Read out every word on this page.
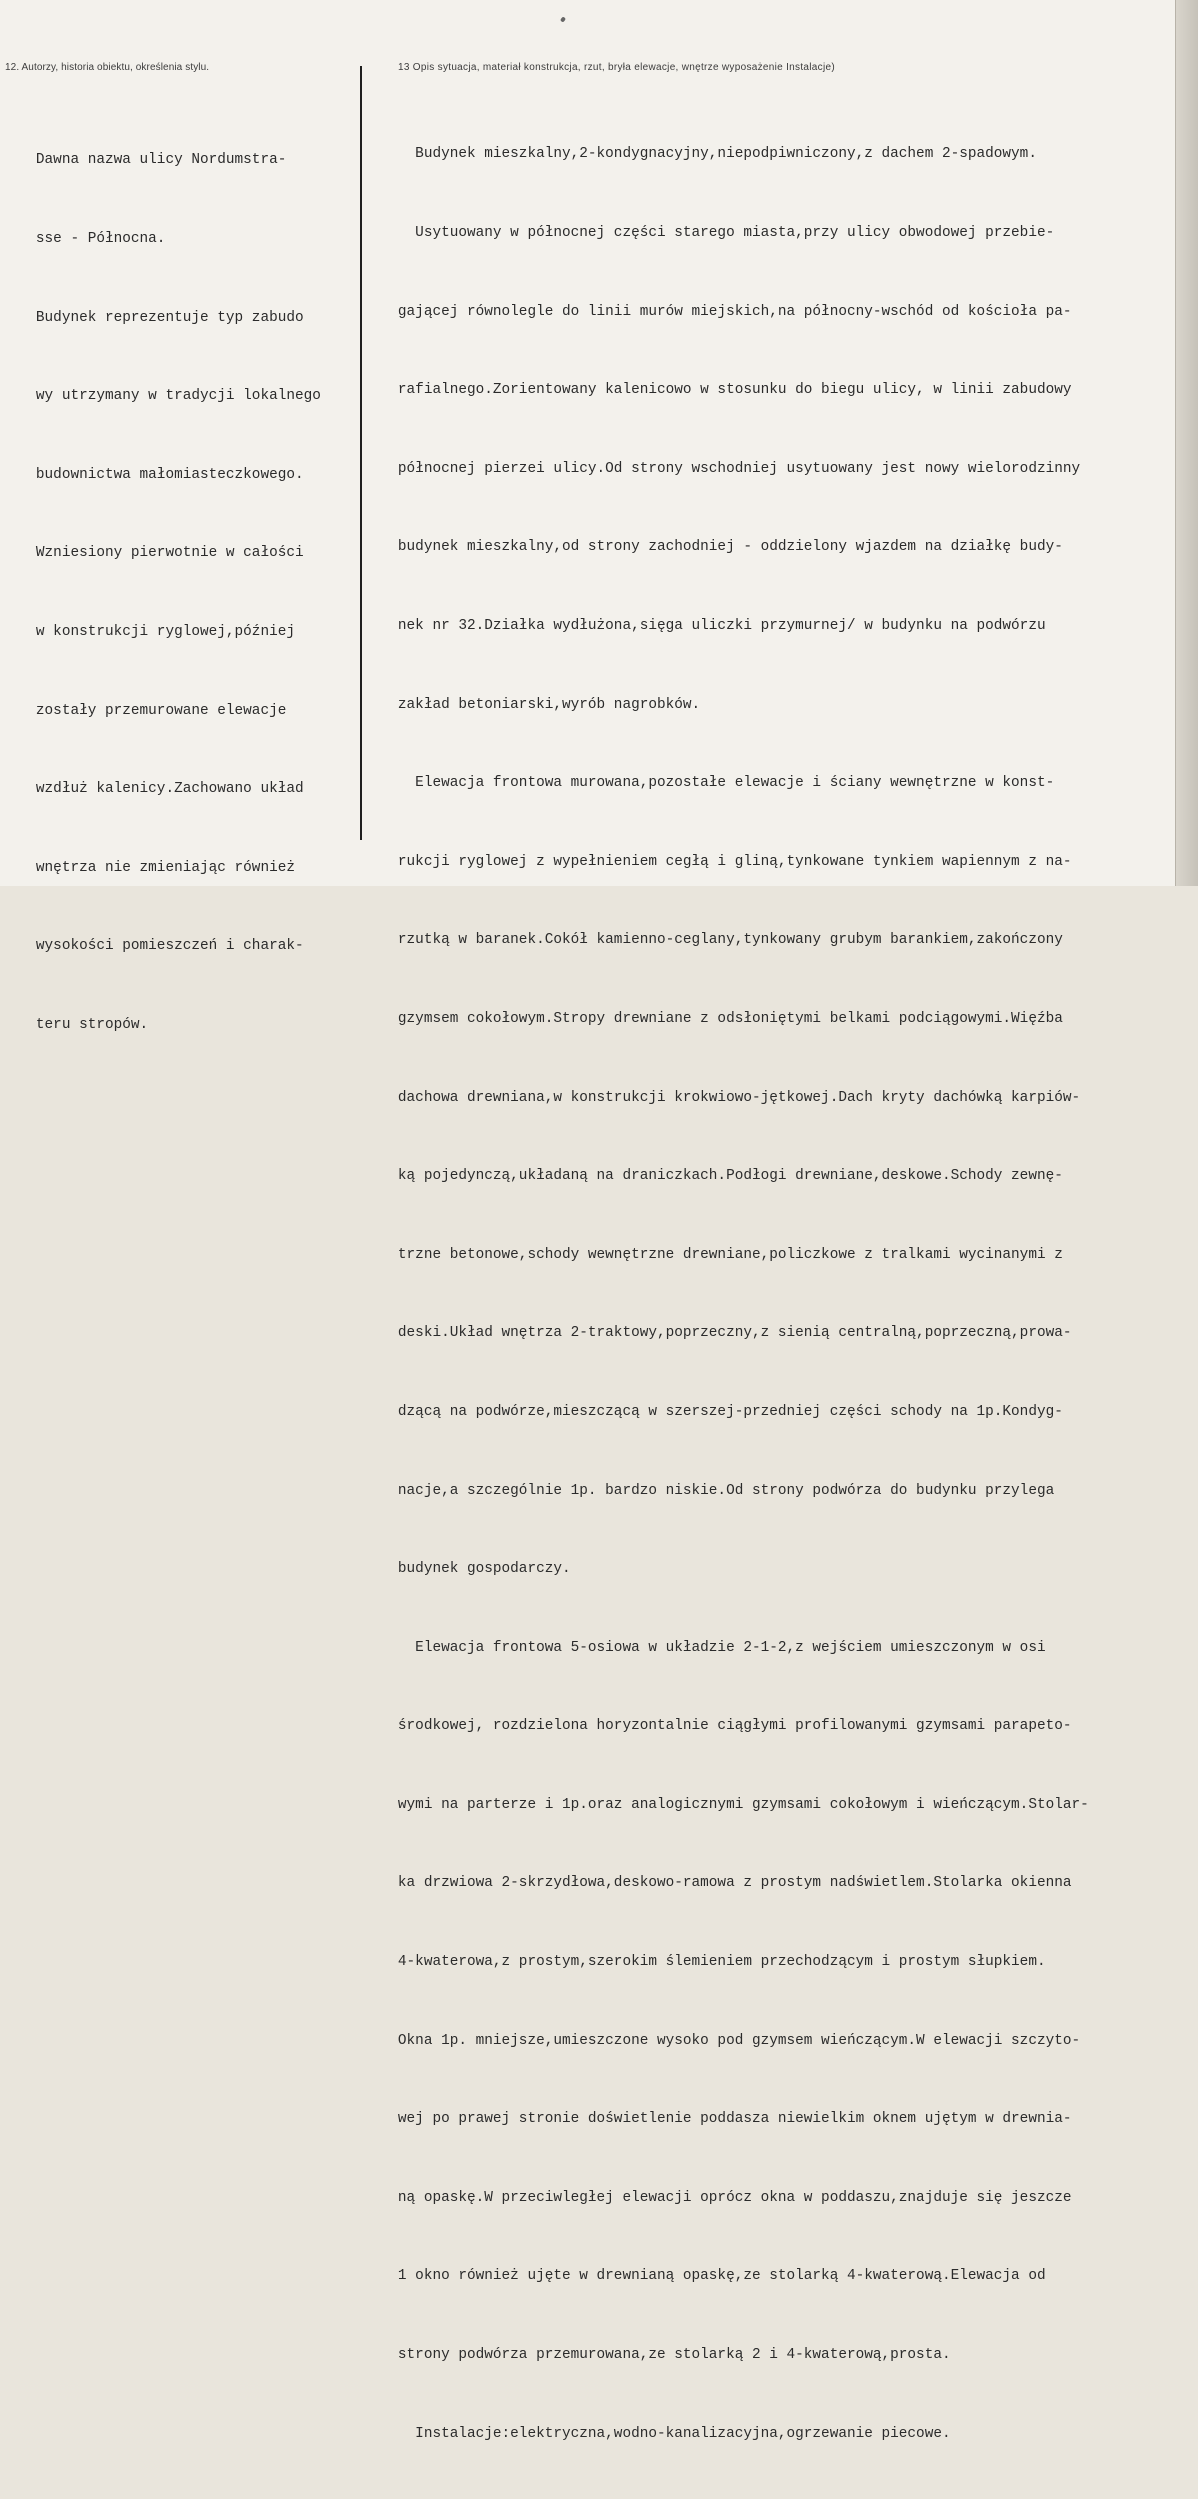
12. Autorzy, historia obiektu, określenia stylu.	13 Opis sytuacja, materiał konstrukcja, rzut, bryła elewacje, wnętrze wyposażenie Instalacje)

Dawna nazwa ulicy Nordumstra-

sse - Północna.

Budynek reprezentuje typ zabudo

wy utrzymany w tradycji lokalnego

budownictwa małomiasteczkowego.

Wzniesiony pierwotnie w całości

w konstrukcji ryglowej,później

zostały przemurowane elewacje

wzdłuż kalenicy.Zachowano układ

wnętrza nie zmieniając również

wysokości pomieszczeń i charak-

teru stropów.

Budynek mieszkalny,2-kondygnacyjny,niepodpiwniczony,z dachem 2-spadowym.

Usytuowany w północnej części starego miasta,przy ulicy obwodowej przebie-

gającej równolegle do linii murów miejskich,na północny-wschód od kościoła pa-

rafialnego.Zorientowany kalenicowo w stosunku do biegu ulicy, w linii zabudowy

północnej pierzei ulicy.Od strony wschodniej usytuowany jest nowy wielorodzinny

budynek mieszkalny,od strony zachodniej - oddzielony wjazdem na działkę budy-

nek nr 32.Działka wydłużona,sięga uliczki przymurnej/ w budynku na podwórzu

zakład betoniarski,wyrób nagrobków.

Elewacja frontowa murowana,pozostałe elewacje i ściany wewnętrzne w konst-

rukcji ryglowej z wypełnieniem cegłą i gliną,tynkowane tynkiem wapiennym z na-

rzutką w baranek.Cokół kamienno-ceglany,tynkowany grubym barankiem,zakończony

gzymsem cokołowym.Stropy drewniane z odsłoniętymi belkami podciągowymi.Więźba

dachowa drewniana,w konstrukcji krokwiowo-jętkowej.Dach kryty dachówką karpiów-

ką pojedynczą,układaną na draniczkach.Podłogi drewniane,deskowe.Schody zewnę-

trzne betonowe,schody wewnętrzne drewniane,policzkowe z tralkami wycinanymi z

deski.Układ wnętrza 2-traktowy,poprzeczny,z sienią centralną,poprzeczną,prowa-

dzącą na podwórze,mieszczącą w szerszej-przedniej części schody na 1p.Kondyg-

nacje,a szczególnie 1p. bardzo niskie.Od strony podwórza do budynku przylega

budynek gospodarczy.

Elewacja frontowa 5-osiowa w układzie 2-1-2,z wejściem umieszczonym w osi

środkowej, rozdzielona horyzontalnie ciągłymi profilowanymi gzymsami parapeto-

wymi na parterze i 1p.oraz analogicznymi gzymsami cokołowym i wieńczącym.Stolar-

ka drzwiowa 2-skrzydłowa,deskowo-ramowa z prostym nadświetlem.Stolarka okienna

4-kwaterowa,z prostym,szerokim ślemieniem przechodzącym i prostym słupkiem.

Okna 1p. mniejsze,umieszczone wysoko pod gzymsem wieńczącym.W elewacji szczyto-

wej po prawej stronie doświetlenie poddasza niewielkim oknem ujętym w drewnia-

ną opaskę.W przeciwległej elewacji oprócz okna w poddaszu,znajduje się jeszcze

1 okno również ujęte w drewnianą opaskę,ze stolarką 4-kwaterową.Elewacja od

strony podwórza przemurowana,ze stolarką 2 i 4-kwaterową,prosta.

Instalacje:elektryczna,wodno-kanalizacyjna,ogrzewanie piecowe.
